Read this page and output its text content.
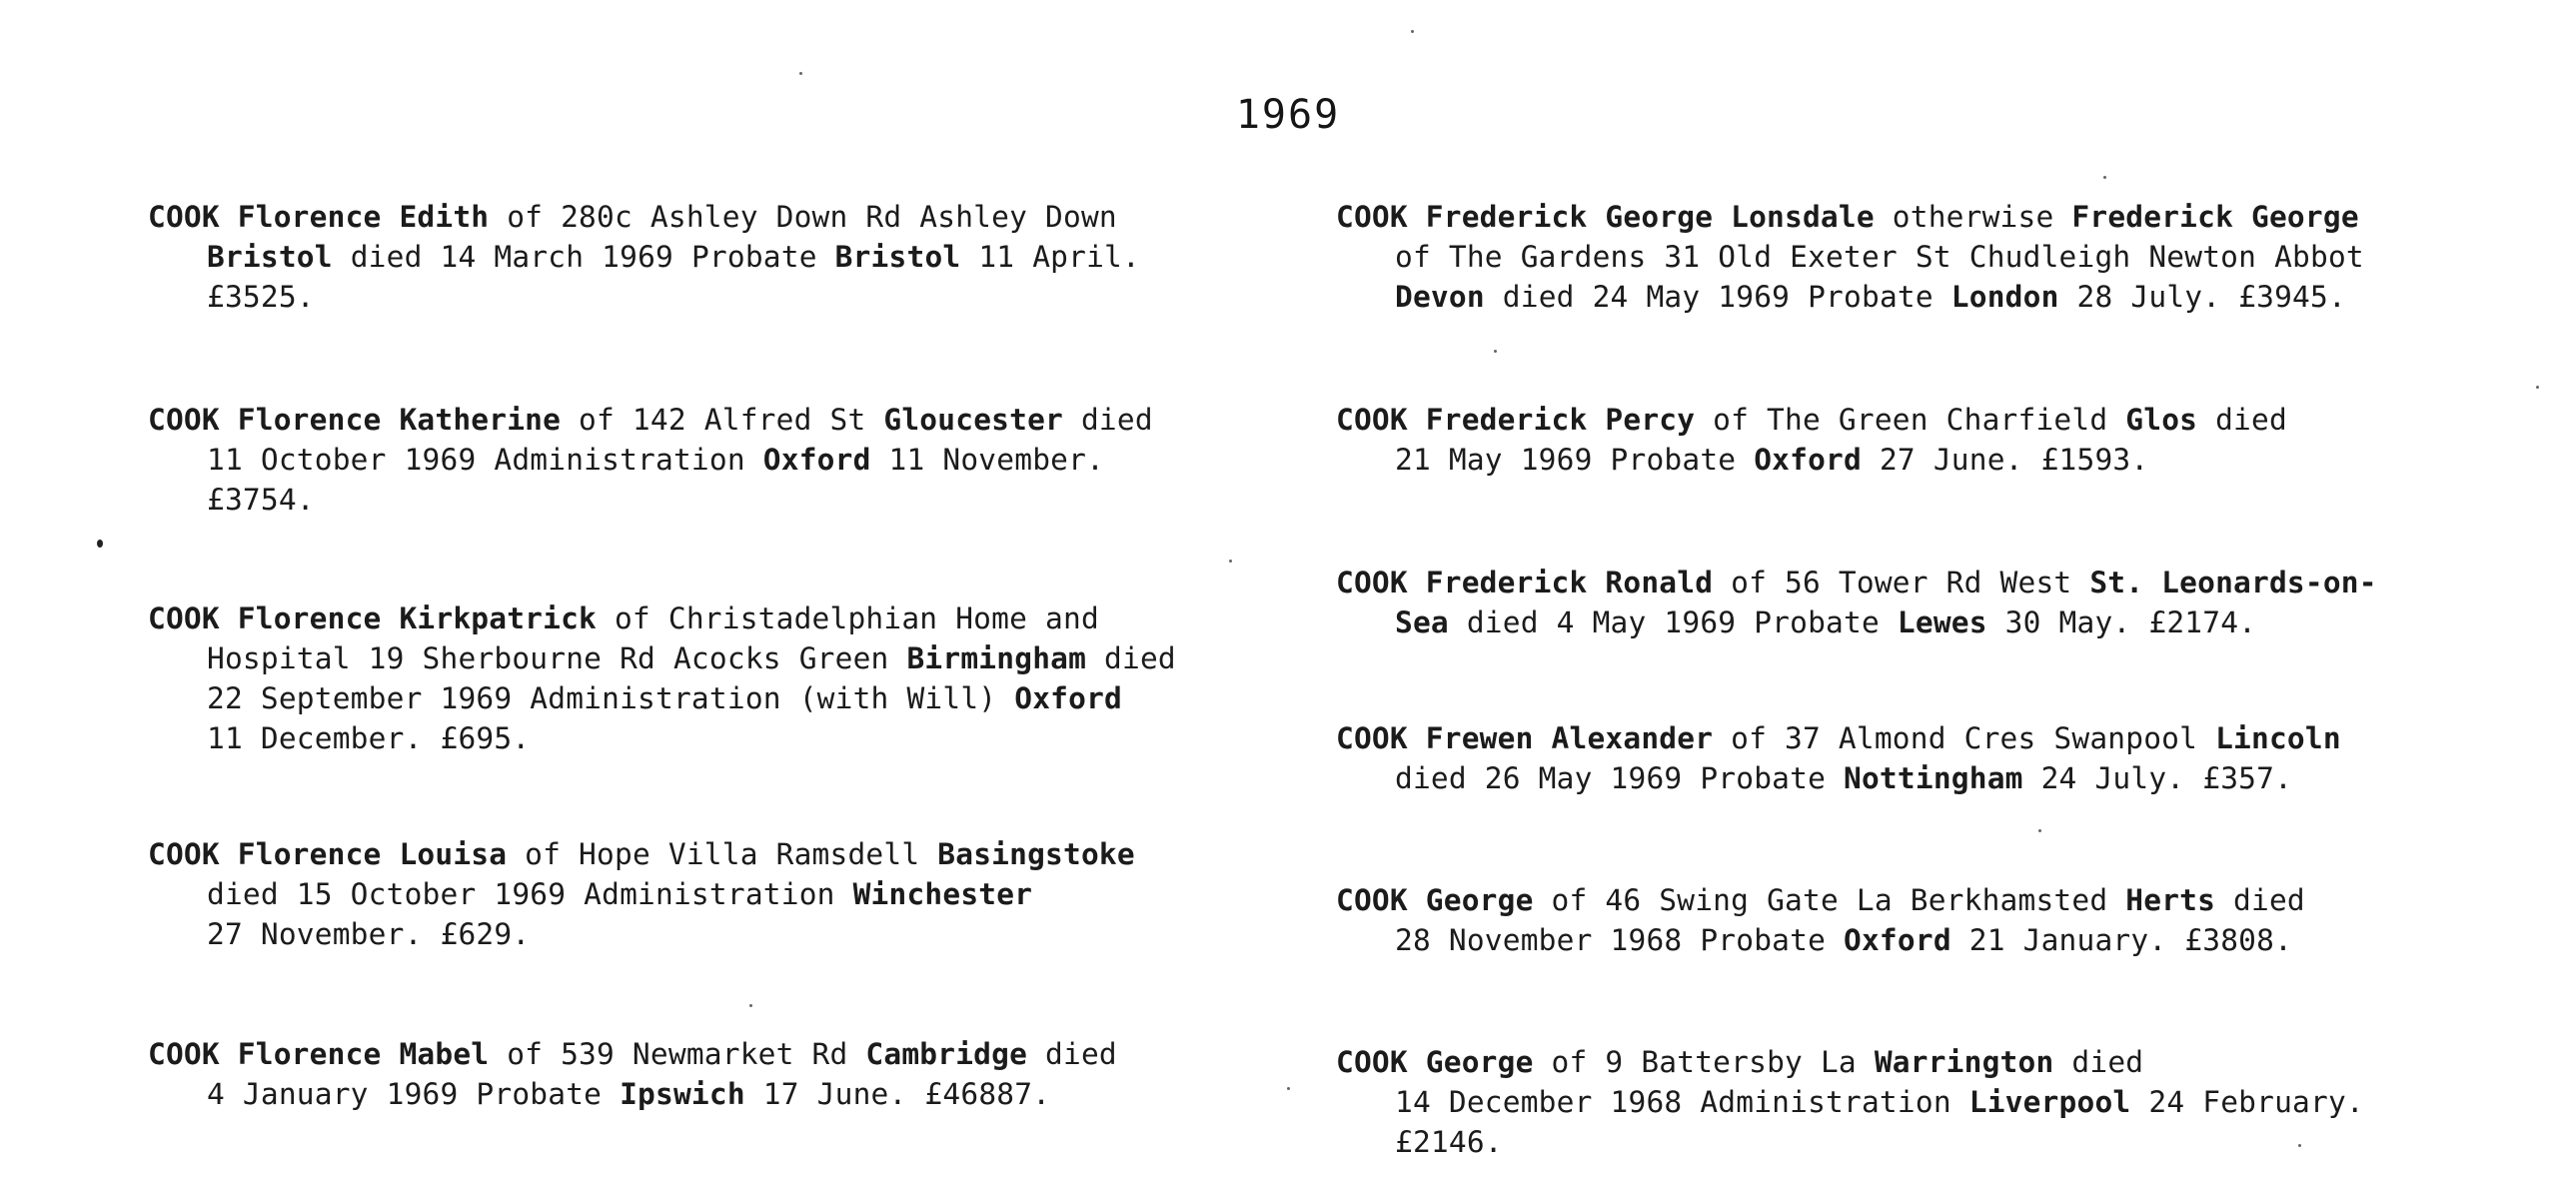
1969
COOK Florence Edith of 280c Ashley Down Rd Ashley Down
Bristol died 14 March 1969 Probate Bristol 11 April.
£3525.
COOK Florence Katherine of 142 Alfred St Gloucester died
11 October 1969 Administration Oxford 11 November.
£3754.
COOK Florence Kirkpatrick of Christadelphian Home and
Hospital 19 Sherbourne Rd Acocks Green Birmingham died
22 September 1969 Administration (with Will) Oxford
11 December. £695.
COOK Florence Louisa of Hope Villa Ramsdell Basingstoke
died 15 October 1969 Administration Winchester
27 November. £629.
COOK Florence Mabel of 539 Newmarket Rd Cambridge died
4 January 1969 Probate Ipswich 17 June. £46887.
COOK Frederick George Lonsdale otherwise Frederick George
of The Gardens 31 Old Exeter St Chudleigh Newton Abbot
Devon died 24 May 1969 Probate London 28 July. £3945.
COOK Frederick Percy of The Green Charfield Glos died
21 May 1969 Probate Oxford 27 June. £1593.
COOK Frederick Ronald of 56 Tower Rd West St. Leonards-on-
Sea died 4 May 1969 Probate Lewes 30 May. £2174.
COOK Frewen Alexander of 37 Almond Cres Swanpool Lincoln
died 26 May 1969 Probate Nottingham 24 July. £357.
COOK George of 46 Swing Gate La Berkhamsted Herts died
28 November 1968 Probate Oxford 21 January. £3808.
COOK George of 9 Battersby La Warrington died
14 December 1968 Administration Liverpool 24 February.
£2146.
